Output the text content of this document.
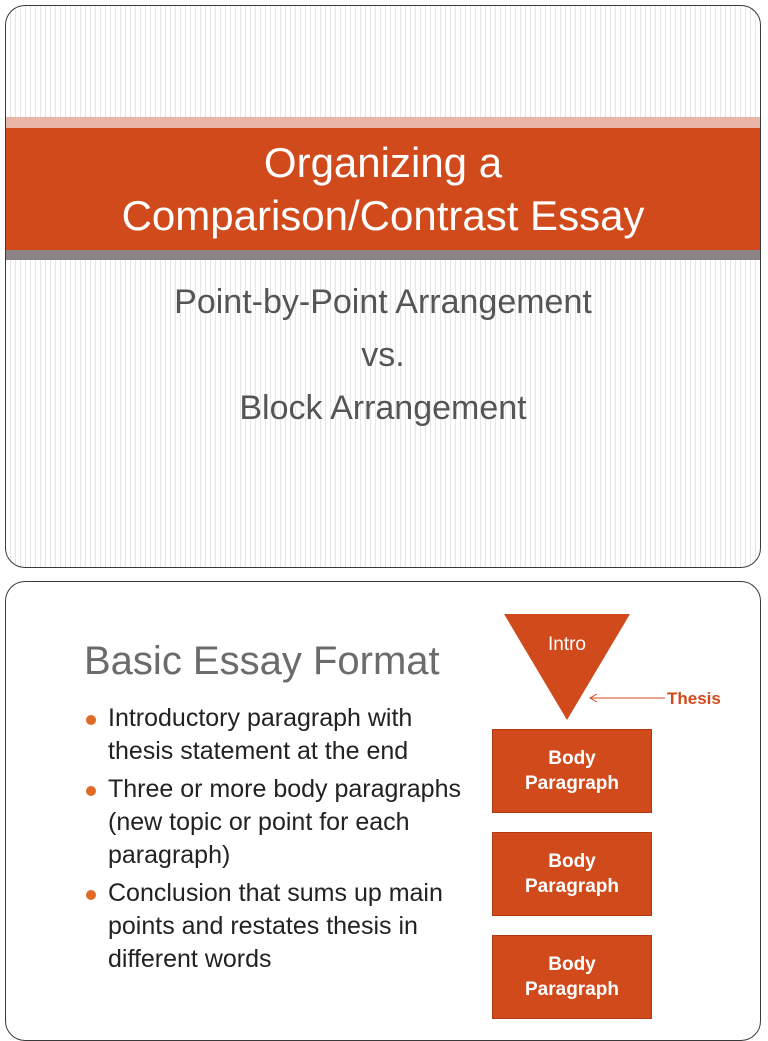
Organizing a
Comparison/Contrast Essay
Point-by-Point Arrangement
vs.
Block Arrangement
Basic Essay Format
Introductory paragraph with thesis statement at the end
Three or more body paragraphs (new topic or point for each paragraph)
Conclusion that sums up main points and restates thesis in different words
Intro
Thesis
Body
Paragraph
Body
Paragraph
Body
Paragraph
